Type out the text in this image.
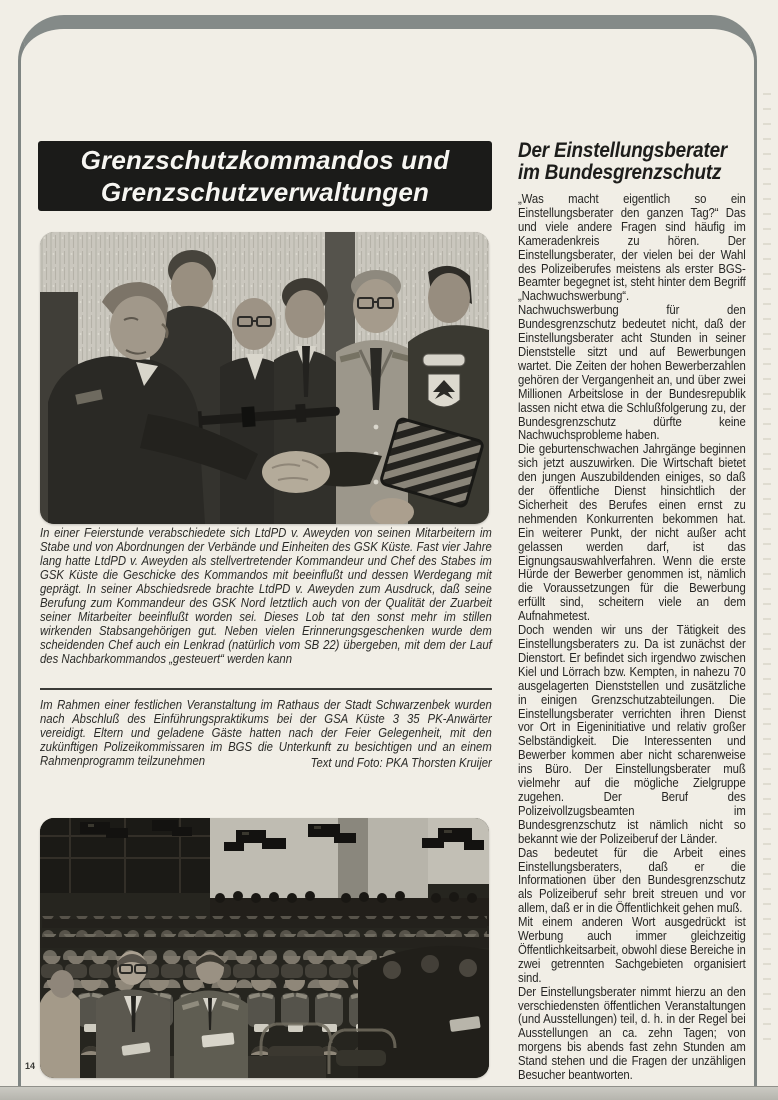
Grenzschutzkommandos und
Grenzschutzverwaltungen

In einer Feierstunde verabschiedete sich LtdPD v. Aweyden von seinen Mitarbeitern im Stabe und von Abordnungen der Verbände und Einheiten des GSK Küste. Fast vier Jahre lang hatte LtdPD v. Aweyden als stellvertretender Kommandeur und Chef des Stabes im GSK Küste die Geschicke des Kommandos mit beeinflußt und dessen Werdegang mit geprägt. In seiner Abschiedsrede brachte LtdPD v. Aweyden zum Ausdruck, daß seine Berufung zum Kommandeur des GSK Nord letztlich auch von der Qualität der Zuarbeit seiner Mitarbeiter beeinflußt worden sei. Dieses Lob tat den sonst mehr im stillen wirkenden Stabsangehörigen gut. Neben vielen Erinnerungsgeschenken wurde dem scheidenden Chef auch ein Lenkrad (natürlich vom SB 22) übergeben, mit dem der Lauf des Nachbarkommandos „gesteuert“ werden kann

Im Rahmen einer festlichen Veranstaltung im Rathaus der Stadt Schwarzenbek wurden nach Abschluß des Einführungspraktikums bei der GSA Küste 3 35 PK-Anwärter vereidigt. Eltern und geladene Gäste hatten nach der Feier Gelegenheit, mit den zukünftigen Polizeikommissaren im BGS die Unterkunft zu besichtigen und an einem Rahmenprogramm teilzunehmen	Text und Foto: PKA Thorsten Kruijer

Der Einstellungsberater
im Bundesgrenzschutz

„Was macht eigentlich so ein Einstellungsberater den ganzen Tag?“ Das und viele andere Fragen sind häufig im Kameradenkreis zu hören. Der Einstellungsberater, der vielen bei der Wahl des Polizeiberufes meistens als erster BGS-Beamter begegnet ist, steht hinter dem Begriff „Nachwuchswerbung“.

Nachwuchswerbung für den Bundesgrenzschutz bedeutet nicht, daß der Einstellungsberater acht Stunden in seiner Dienststelle sitzt und auf Bewerbungen wartet. Die Zeiten der hohen Bewerberzahlen gehören der Vergangenheit an, und über zwei Millionen Arbeitslose in der Bundesrepublik lassen nicht etwa die Schlußfolgerung zu, der Bundesgrenzschutz dürfte keine Nachwuchsprobleme haben.

Die geburtenschwachen Jahrgänge beginnen sich jetzt auszuwirken. Die Wirtschaft bietet den jungen Auszubildenden einiges, so daß der öffentliche Dienst hinsichtlich der Sicherheit des Berufes einen ernst zu nehmenden Konkurrenten bekommen hat. Ein weiterer Punkt, der nicht außer acht gelassen werden darf, ist das Eignungsauswahlverfahren. Wenn die erste Hürde der Bewerber genommen ist, nämlich die Voraussetzungen für die Bewerbung erfüllt sind, scheitern viele an dem Aufnahmetest.

Doch wenden wir uns der Tätigkeit des Einstellungsberaters zu. Da ist zunächst der Dienstort. Er befindet sich irgendwo zwischen Kiel und Lörrach bzw. Kempten, in nahezu 70 ausgelagerten Dienststellen und zusätzliche in einigen Grenzschutzabteilungen. Die Einstellungsberater verrichten ihren Dienst vor Ort in Eigeninitiative und relativ großer Selbständigkeit. Die Interessenten und Bewerber kommen aber nicht scharenweise ins Büro. Der Einstellungsberater muß vielmehr auf die mögliche Zielgruppe zugehen. Der Beruf des Polizeivollzugsbeamten im Bundesgrenzschutz ist nämlich nicht so bekannt wie der Polizeiberuf der Länder.

Das bedeutet für die Arbeit eines Einstellungsberaters, daß er die Informationen über den Bundesgrenzschutz als Polizeiberuf sehr breit streuen und vor allem, daß er in die Öffentlichkeit gehen muß.

Mit einem anderen Wort ausgedrückt ist Werbung auch immer gleichzeitig Öffentlichkeitsarbeit, obwohl diese Bereiche in zwei getrennten Sachgebieten organisiert sind.

Der Einstellungsberater nimmt hierzu an den verschiedensten öffentlichen Veranstaltungen (und Ausstellungen) teil, d. h. in der Regel bei Ausstellungen an ca. zehn Tagen; von morgens bis abends fast zehn Stunden am Stand stehen und die Fragen der unzähligen Besucher beantworten.

14
